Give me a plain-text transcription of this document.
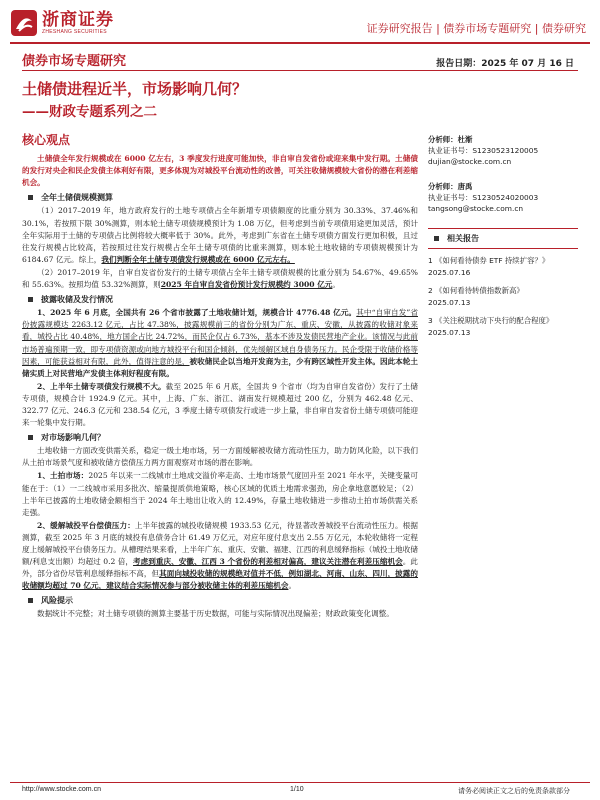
浙商证券
ZHESHANG SECURITIES	证券研究报告 | 债券市场专题研究 | 债券研究
债券市场专题研究	报告日期：2025 年 07 月 16 日
土储债进程近半，市场影响几何？
——财政专题系列之二
核心观点

土储债全年发行规模或在 6000 亿左右，3 季度发行进度可能加快，非自审自发省份或迎来集中发行期。土储债的发行对央企和民企发债主体利好有限，更多体现为对城投平台流动性的改善，可关注收储规模较大省份的潜在利差缩机会。

全年土储债规模测算

（1）2017–2019 年，地方政府发行的土地专项债占全年新增专项债额度的比重分别为 30.33%、37.46%和 30.1%，若按照下限 30%测算，则本轮土储专项债规模预计为 1.08 万亿，但考虑到当前专项债用途更加灵活，预计全年实际用于土储的专项债占比例将较大概率低于 30%。此外，考虑到广东省在土储专项债方面发行更加积极，且过往发行规模占比较高，若按照过往发行规模占全年土储专项债的比重来测算，则本轮土地收储的专项债规模预计为 6184.67 亿元。综上，我们判断全年土储专项债发行规模或在 6000 亿元左右。

（2）2017–2019 年，自审自发省份发行的土储专项债占全年土储专项债规模的比重分别为 54.67%、49.65%和 55.63%。按照均值 53.32%测算，则2025 年自审自发省份预计发行规模约 3000 亿元。

披露收储及发行情况

1、2025 年 6 月底，全国共有 26 个省市披露了土地收储计划，规模合计 4776.48 亿元。其中“自审自发”省份披露规模达 2263.12 亿元，占比 47.38%，披露规模前三的省份分别为广东、重庆、安徽，从披露的收储对象来看，城投占比 40.48%，地方国企占比 24.72%，而民企仅占 6.73%，基本不涉及发债民营地产企业。该情况与此前市场普遍预期一致，即专项债资源或向地方城投平台和国企倾斜，优先缓解区域自身债务压力。民企受限于收储价格等因素，可能获益相对有限，此外，值得注意的是，被收储民企以当地开发商为主，少有跨区域性开发主体。因此本轮土储实质上对民营地产发债主体利好程度有限。

2、上半年土储专项债发行规模不大。截至 2025 年 6 月底，全国共 9 个省市（均为自审自发省份）发行了土储专项债，规模合计 1924.9 亿元。其中，上海、广东、浙江、湖南发行规模超过 200 亿，分别为 462.48 亿元、322.77 亿元、246.3 亿元和 238.54 亿元，3 季度土储专项债发行或进一步上量，非自审自发省份土储专项债可能迎来一轮集中发行期。

对市场影响几何？

土地收储一方面改变供需关系，稳定一级土地市场，另一方面缓解被收储方流动性压力，助力防风化险，以下我们从土拍市场景气度和被收储方偿债压力两方面观察对市场的潜在影响。

1、土拍市场：2025 年以来一二线城市土地成交溢价率走高、土地市场景气度回升至 2021 年水平，关键变量可能在于：（1）一二线城市采用多批次、缩量提质供地策略，核心区域的优质土地需求强劲，房企拿地意愿较足；（2）上半年已披露的土地收储金额相当于 2024 年土地出让收入的 12.49%，存量土地收储进一步推动土拍市场供需关系走强。

2、缓解城投平台偿债压力：上半年披露的城投收储规模 1933.53 亿元，待显著改善城投平台流动性压力。根据测算，截至 2025 年 3 月底的城投有息债务合计 61.49 万亿元，对应年度付息支出 2.55 万亿元，本轮收储将一定程度上缓解城投平台债务压力。从槽理结果来看，上半年广东、重庆、安徽、福建、江西的利息缓释指标（城投土地收储额/利息支出额）均超过 0.2 倍，考虑到重庆、安徽、江西 3 个省份的利差相对偏高，建议关注潜在利差压缩机会。此外，部分省份尽管利息缓释指标不高，但其面向城投收储的规模绝对值并不低，例如湖北、河南、山东、四川，披露的收储额均超过 70 亿元，建议结合实际情况参与部分被收储主体的利差压缩机会。

风险提示

数据统计不完整；对土储专项债的测算主要基于历史数据，可能与实际情况出现偏差；财政政策变化调整。

分析师：杜渐
执业证书号：S1230523120005
dujian@stocke.com.cn
分析师：唐禹
执业证书号：S1230524020003
tangsong@stocke.com.cn
相关报告
1 《如何看待债券 ETF 持续扩容？》 2025.07.16
2 《如何看待转债指数新高》
2025.07.13
3 《关注税期扰动下央行的配合程度》 2025.07.13
http://www.stocke.com.cn	1/10	请务必阅读正文之后的免责条款部分
